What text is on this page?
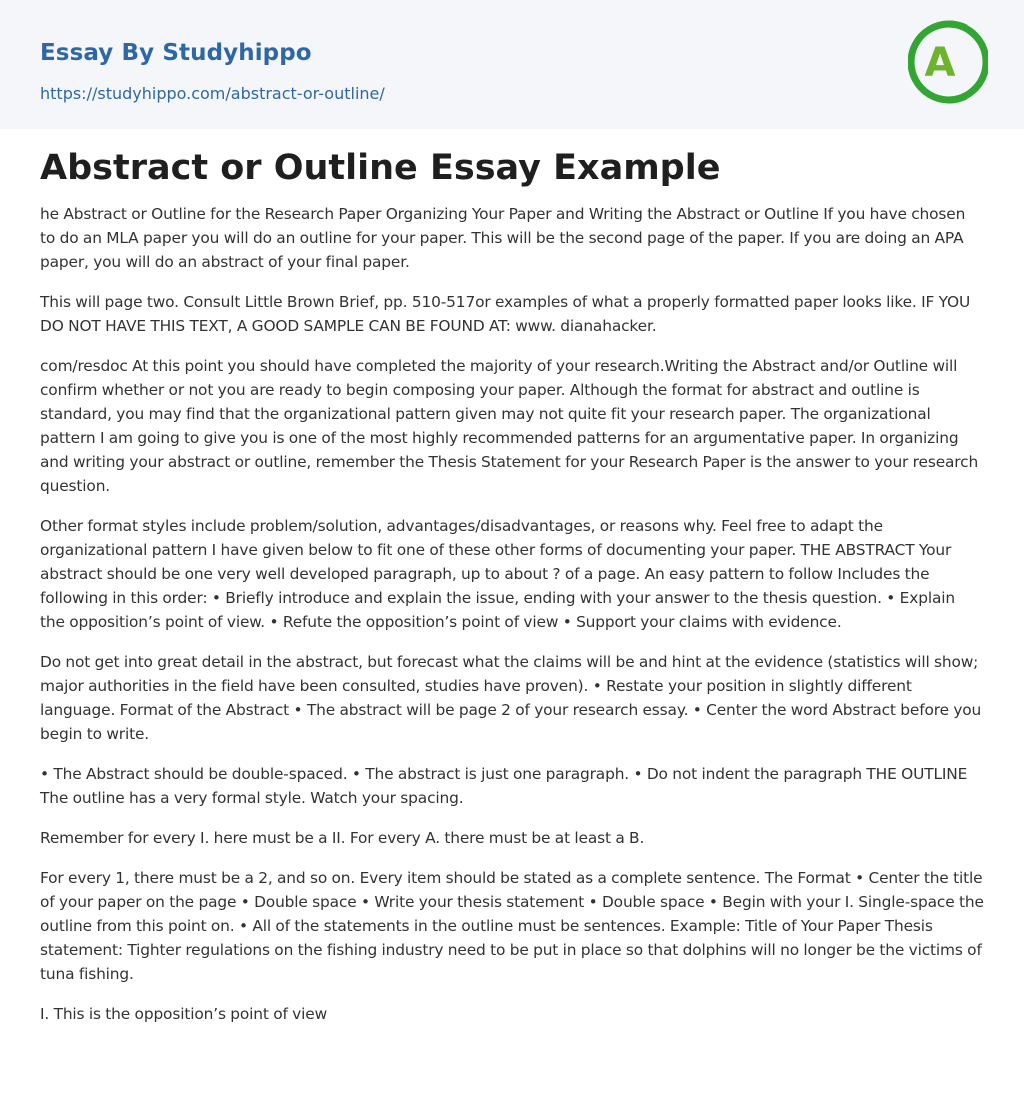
Essay By Studyhippo
https://studyhippo.com/abstract-or-outline/
A
Abstract or Outline Essay Example

he Abstract or Outline for the Research Paper Organizing Your Paper and Writing the Abstract or Outline If you have chosen to do an MLA paper you will do an outline for your paper. This will be the second page of the paper. If you are doing an APA paper, you will do an abstract of your final paper.

This will page two. Consult Little Brown Brief, pp. 510-517or examples of what a properly formatted paper looks like. IF YOU DO NOT HAVE THIS TEXT, A GOOD SAMPLE CAN BE FOUND AT: www. dianahacker.

com/resdoc At this point you should have completed the majority of your research.Writing the Abstract and/or Outline will confirm whether or not you are ready to begin composing your paper. Although the format for abstract and outline is standard, you may find that the organizational pattern given may not quite fit your research paper. The organizational pattern I am going to give you is one of the most highly recommended patterns for an argumentative paper. In organizing and writing your abstract or outline, remember the Thesis Statement for your Research Paper is the answer to your research question.

Other format styles include problem/solution, advantages/disadvantages, or reasons why. Feel free to adapt the organizational pattern I have given below to fit one of these other forms of documenting your paper. THE ABSTRACT Your abstract should be one very well developed paragraph, up to about ? of a page. An easy pattern to follow Includes the following in this order: • Briefly introduce and explain the issue, ending with your answer to the thesis question. • Explain the opposition’s point of view. • Refute the opposition’s point of view • Support your claims with evidence.

Do not get into great detail in the abstract, but forecast what the claims will be and hint at the evidence (statistics will show; major authorities in the field have been consulted, studies have proven). • Restate your position in slightly different language. Format of the Abstract • The abstract will be page 2 of your research essay. • Center the word Abstract before you begin to write.

• The Abstract should be double-spaced. • The abstract is just one paragraph. • Do not indent the paragraph THE OUTLINE The outline has a very formal style. Watch your spacing.

Remember for every I. here must be a II. For every A. there must be at least a B.

For every 1, there must be a 2, and so on. Every item should be stated as a complete sentence. The Format • Center the title of your paper on the page • Double space • Write your thesis statement • Double space • Begin with your I. Single-space the outline from this point on. • All of the statements in the outline must be sentences. Example: Title of Your Paper Thesis statement: Tighter regulations on the fishing industry need to be put in place so that dolphins will no longer be the victims of tuna fishing.

I. This is the opposition’s point of view
